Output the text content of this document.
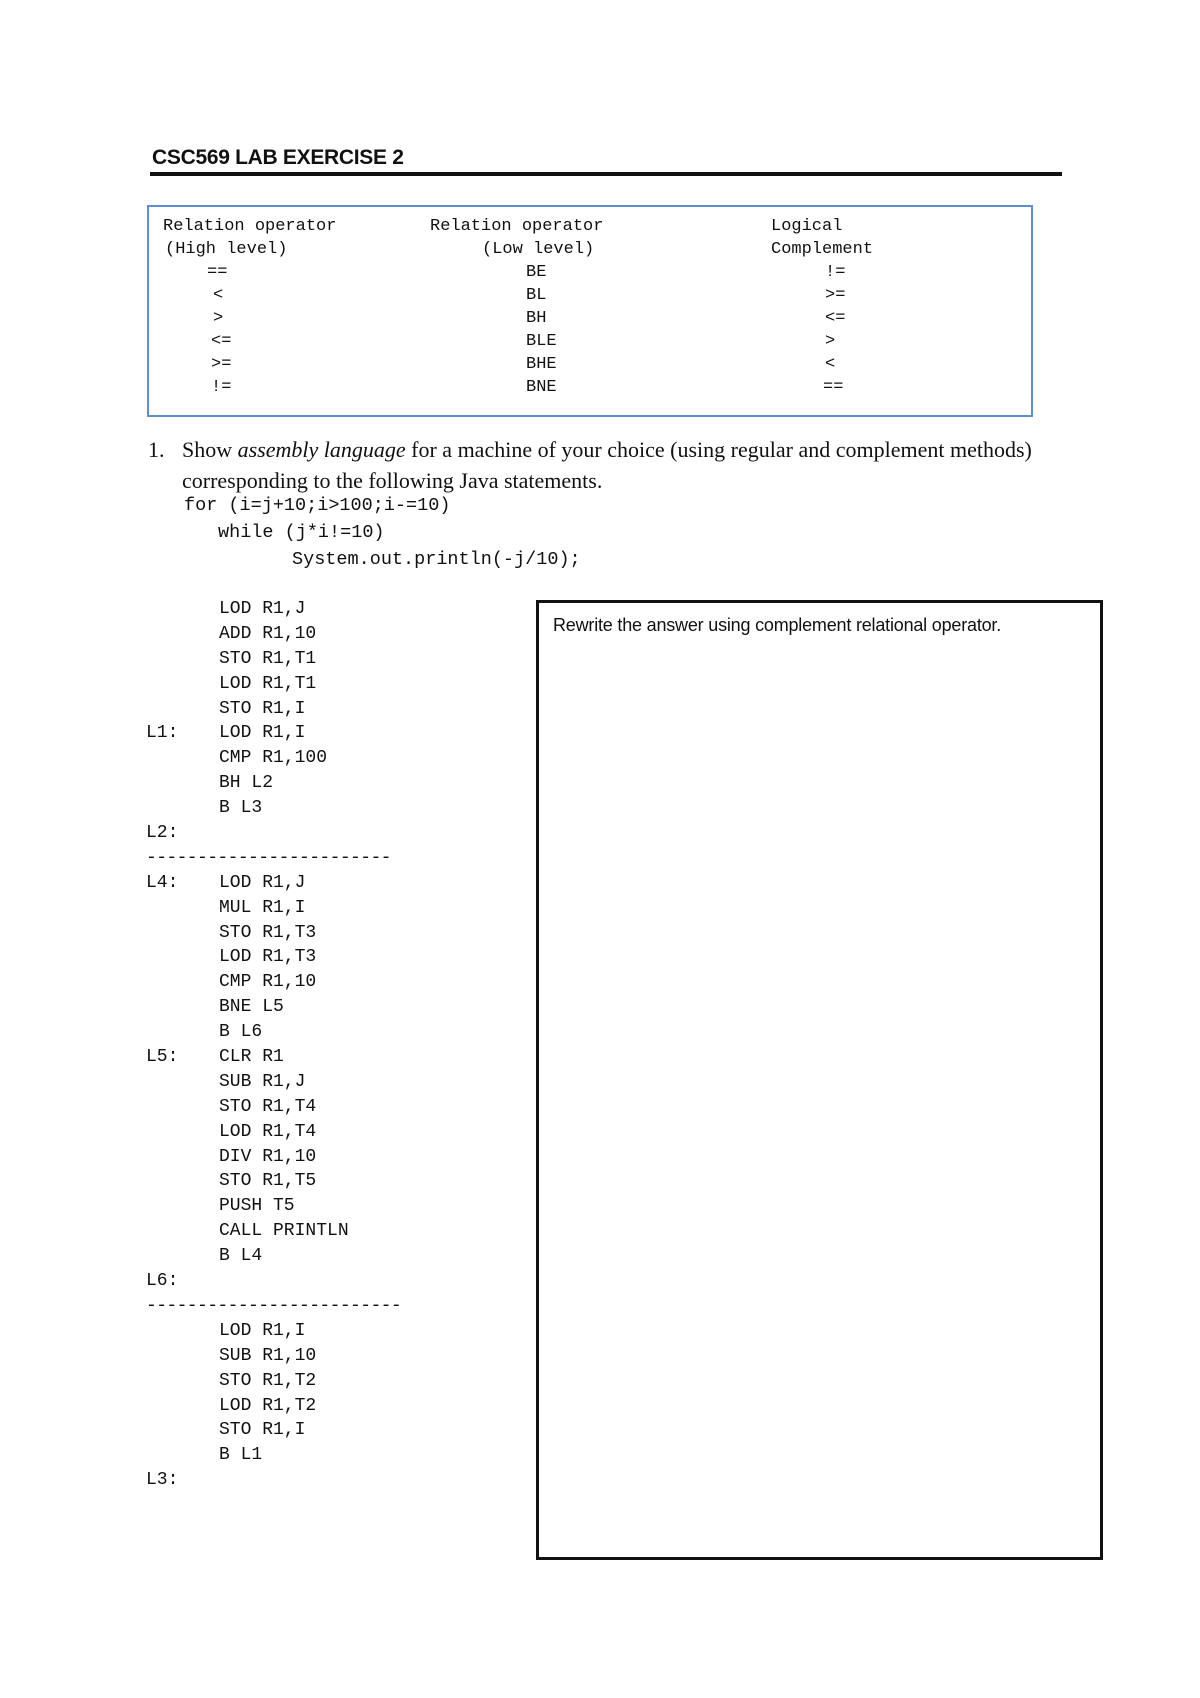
CSC569 LAB EXERCISE 2
Relation operator
(High level)
==
<
>
<=
>=
!=
Relation operator
(Low level)
BE
BL
BH
BLE
BHE
BNE
Logical
Complement
!=
>=
<=
>
<
==
1. Show assembly language for a machine of your choice (using regular and complement methods) corresponding to the following Java statements.
for (i=j+10;i>100;i-=10)
while (j*i!=10)
System.out.println(-j/10);
LOD R1,J
ADD R1,10
STO R1,T1
LOD R1,T1
STO R1,I
L1: LOD R1,I
CMP R1,100
BH L2
B L3
L2:
------------------------
L4: LOD R1,J
MUL R1,I
STO R1,T3
LOD R1,T3
CMP R1,10
BNE L5
B L6
L5: CLR R1
SUB R1,J
STO R1,T4
LOD R1,T4
DIV R1,10
STO R1,T5
PUSH T5
CALL PRINTLN
B L4
L6:
-------------------------
LOD R1,I
SUB R1,10
STO R1,T2
LOD R1,T2
STO R1,I
B L1
L3:
Rewrite the answer using complement relational operator.
